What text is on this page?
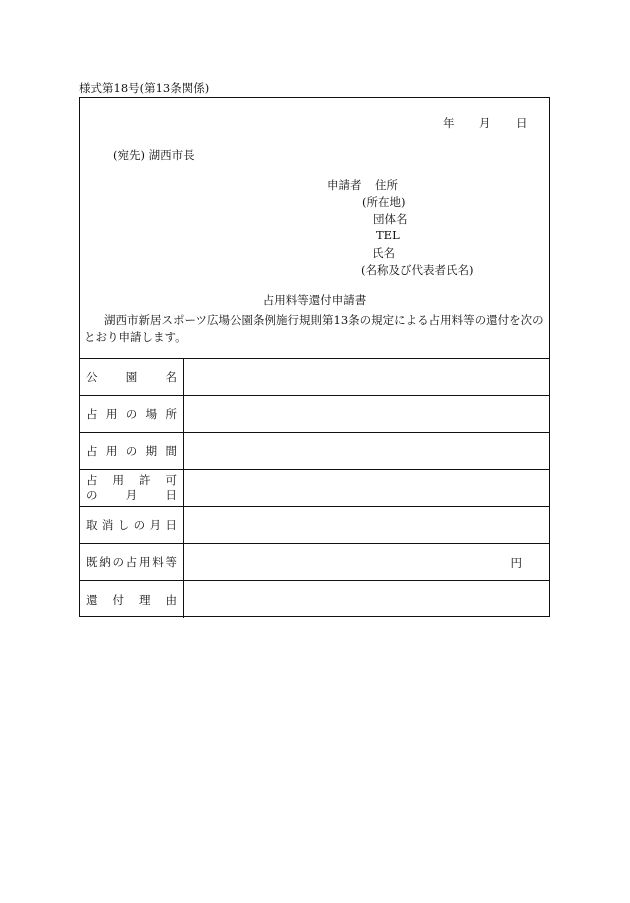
様式第18号(第13条関係)
年 月 日
(宛先) 湖西市長
申請者 住所
(所在地)
団体名
TEL
氏名
(名称及び代表者氏名)
占用料等還付申請書
湖西市新居スポーツ広場公園条例施行規則第13条の規定による占用料等の還付を次のとおり申請します。
公 園 名
占 用 の 場 所
占 用 の 期 間
占 用 許 可
の 月 日
取 消 し の 月 日
既 納 の 占 用 料 等	円
還 付 理 由
